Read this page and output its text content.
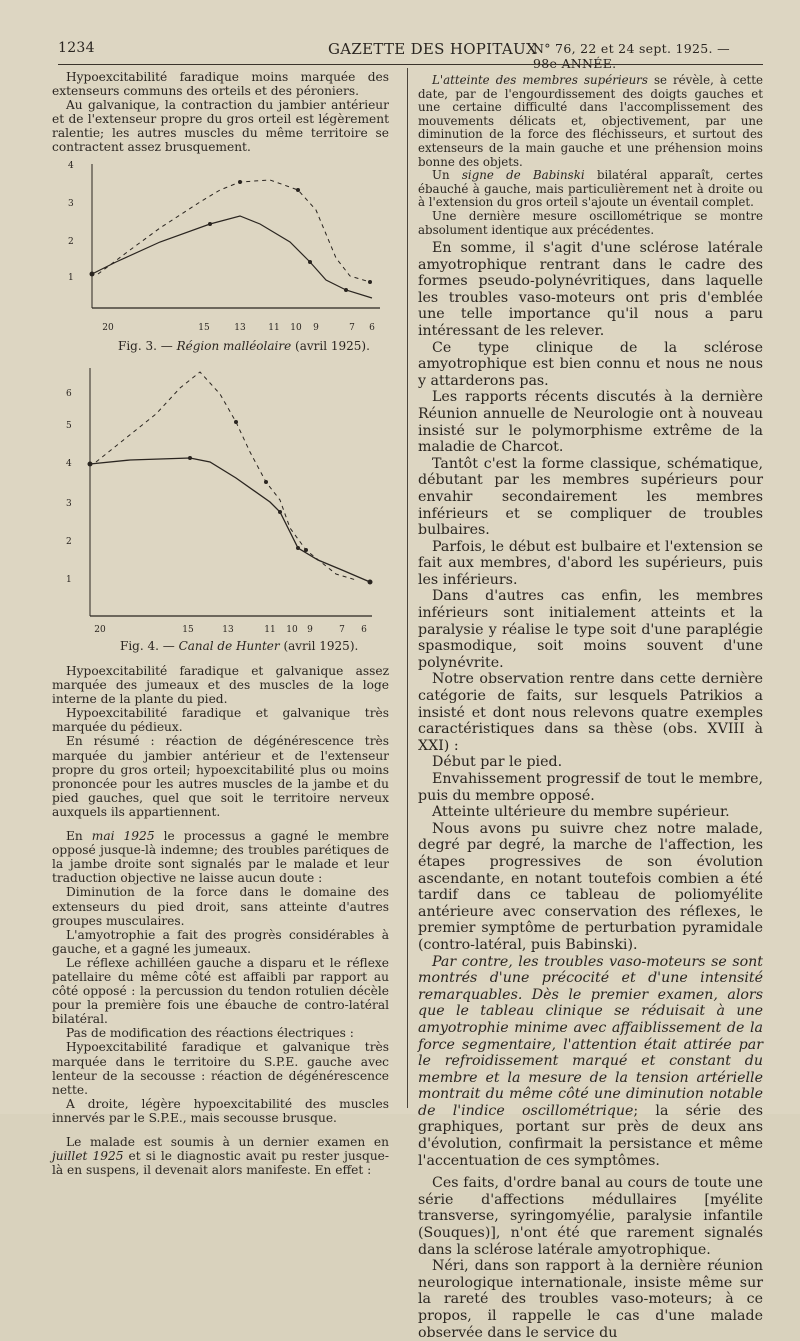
1234	GAZETTE DES HOPITAUX
N° 76, 22 et 24 sept. 1925. — 98e ANNÉE.

Hypoexcitabilité faradique moins marquée des extenseurs communs des orteils et des péroniers.

Au galvanique, la contraction du jambier antérieur et de l'extenseur propre du gros orteil est légèrement ralentie; les autres muscles du même territoire se contractent assez brusquement.

4
3
2
1
20	15	13	11 10 9	7 6
Fig. 3. — Région malléolaire (avril 1925).
6
5
4
3
2
1
20	15	13	11 10 9	7 6
Fig. 4. — Canal de Hunter (avril 1925).

Hypoexcitabilité faradique et galvanique assez marquée des jumeaux et des muscles de la loge interne de la plante du pied.

Hypoexcitabilité faradique et galvanique très marquée du pédieux.

En résumé : réaction de dégénérescence très marquée du jambier antérieur et de l'extenseur propre du gros orteil; hypoexcitabilité plus ou moins prononcée pour les autres muscles de la jambe et du pied gauches, quel que soit le territoire nerveux auxquels ils appartiennent.

En mai 1925 le processus a gagné le membre opposé jusque-là indemne; des troubles parétiques de la jambe droite sont signalés par le malade et leur traduction objective ne laisse aucun doute :

Diminution de la force dans le domaine des extenseurs du pied droit, sans atteinte d'autres groupes musculaires.

L'amyotrophie a fait des progrès considérables à gauche, et a gagné les jumeaux.

Le réflexe achilléen gauche a disparu et le réflexe patellaire du même côté est affaibli par rapport au côté opposé : la percussion du tendon rotulien décèle pour la première fois une ébauche de contro-latéral bilatéral.

Pas de modification des réactions électriques :

Hypoexcitabilité faradique et galvanique très marquée dans le territoire du S.P.E. gauche avec lenteur de la secousse : réaction de dégénérescence nette.

A droite, légère hypoexcitabilité des muscles innervés par le S.P.E., mais secousse brusque.

Le malade est soumis à un dernier examen en juillet 1925 et si le diagnostic avait pu rester jusque-là en suspens, il devenait alors manifeste. En effet :

L'atteinte des membres supérieurs se révèle, à cette date, par de l'engourdissement des doigts gauches et une certaine difficulté dans l'accomplissement des mouvements délicats et, objectivement, par une diminution de la force des fléchisseurs, et surtout des extenseurs de la main gauche et une préhension moins bonne des objets.

Un signe de Babinski bilatéral apparaît, certes ébauché à gauche, mais particulièrement net à droite ou à l'extension du gros orteil s'ajoute un éventail complet.

Une dernière mesure oscillométrique se montre absolument identique aux précédentes.

En somme, il s'agit d'une sclérose latérale amyotrophique rentrant dans le cadre des formes pseudo-polynévritiques, dans laquelle les troubles vaso-moteurs ont pris d'emblée une telle importance qu'il nous a paru intéressant de les relever.

Ce type clinique de la sclérose amyotrophique est bien connu et nous ne nous y attarderons pas.

Les rapports récents discutés à la dernière Réunion annuelle de Neurologie ont à nouveau insisté sur le polymorphisme extrême de la maladie de Charcot.

Tantôt c'est la forme classique, schématique, débutant par les membres supérieurs pour envahir secondairement les membres inférieurs et se compliquer de troubles bulbaires.

Parfois, le début est bulbaire et l'extension se fait aux membres, d'abord les supérieurs, puis les inférieurs.

Dans d'autres cas enfin, les membres inférieurs sont initialement atteints et la paralysie y réalise le type soit d'une paraplégie spasmodique, soit moins souvent d'une polynévrite.

Notre observation rentre dans cette dernière catégorie de faits, sur lesquels Patrikios a insisté et dont nous relevons quatre exemples caractéristiques dans sa thèse (obs. XVIII à XXI) :

Début par le pied.

Envahissement progressif de tout le membre, puis du membre opposé.

Atteinte ultérieure du membre supérieur.

Nous avons pu suivre chez notre malade, degré par degré, la marche de l'affection, les étapes progressives de son évolution ascendante, en notant toutefois combien a été tardif dans ce tableau de poliomyélite antérieure avec conservation des réflexes, le premier symptôme de perturbation pyramidale (contro-latéral, puis Babinski).

Par contre, les troubles vaso-moteurs se sont montrés d'une précocité et d'une intensité remarquables. Dès le premier examen, alors que le tableau clinique se réduisait à une amyotrophie minime avec affaiblissement de la force segmentaire, l'attention était attirée par le refroidissement marqué et constant du membre et la mesure de la tension artérielle montrait du même côté une diminution notable de l'indice oscillométrique; la série des graphiques, portant sur près de deux ans d'évolution, confirmait la persistance et même l'accentuation de ces symptômes.

Ces faits, d'ordre banal au cours de toute une série d'affections médullaires [myélite transverse, syringomyélie, paralysie infantile (Souques)], n'ont été que rarement signalés dans la sclérose latérale amyotrophique.

Néri, dans son rapport à la dernière réunion neurologique internationale, insiste même sur la rareté des troubles vaso-moteurs; à ce propos, il rappelle le cas d'une malade observée dans le service du
